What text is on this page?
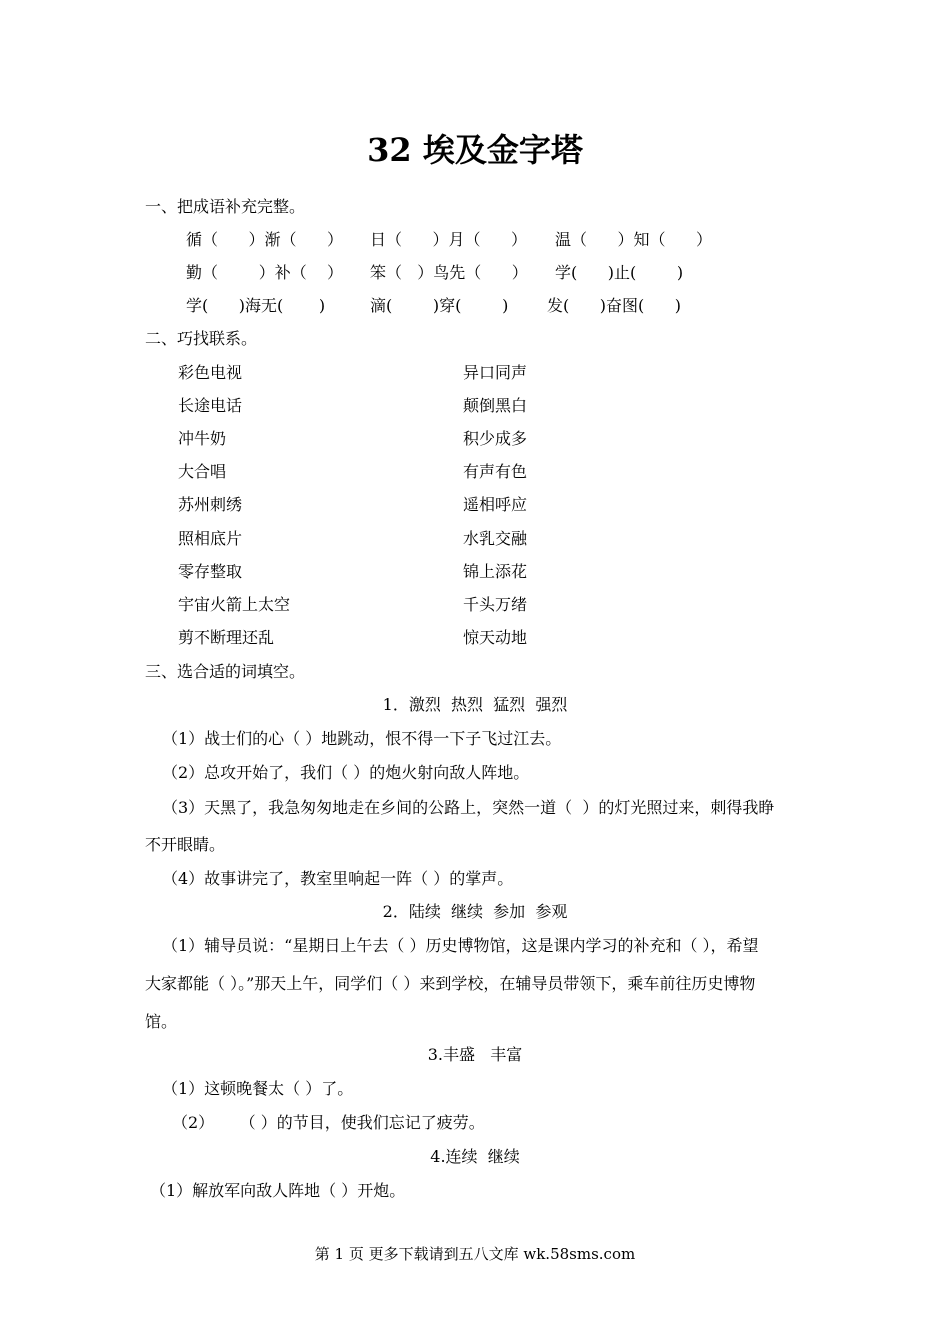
32 埃及金字塔
一、把成语补充完整。
循（      ）渐（      ） 日（      ）月（      ） 温（      ）知（      ）
勤（        ）补（    ） 笨（   ）鸟先（      ） 学(      )止(        )
学(      )海无(       )	滴(        )穿(        ) 发(      )奋图(      )
二、巧找联系。
彩色电视
长途电话
冲牛奶
大合唱
苏州刺绣
照相底片
零存整取
宇宙火箭上太空
剪不断理还乱
异口同声
颠倒黑白
积少成多
有声有色
遥相呼应
水乳交融
锦上添花
千头万绪
惊天动地
三、选合适的词填空。
1．激烈  热烈  猛烈  强烈
（1）战士们的心（ ）地跳动，恨不得一下子飞过江去。
（2）总攻开始了，我们（ ）的炮火射向敌人阵地。
（3）天黑了，我急匆匆地走在乡间的公路上，突然一道（  ）的灯光照过来，刺得我睁
不开眼睛。
（4）故事讲完了，教室里响起一阵（ ）的掌声。
2．陆续  继续  参加  参观
（1）辅导员说：“星期日上午去（ ）历史博物馆，这是课内学习的补充和（ ），希望
大家都能（ ）。”那天上午，同学们（ ）来到学校，在辅导员带领下，乘车前往历史博物
馆。
3.丰盛   丰富
（1）这顿晚餐太（ ）了。
（2）     （ ）的节目，使我们忘记了疲劳。
4.连续  继续
（1）解放军向敌人阵地（ ）开炮。
第 1 页 更多下载请到五八文库 wk.58sms.com
